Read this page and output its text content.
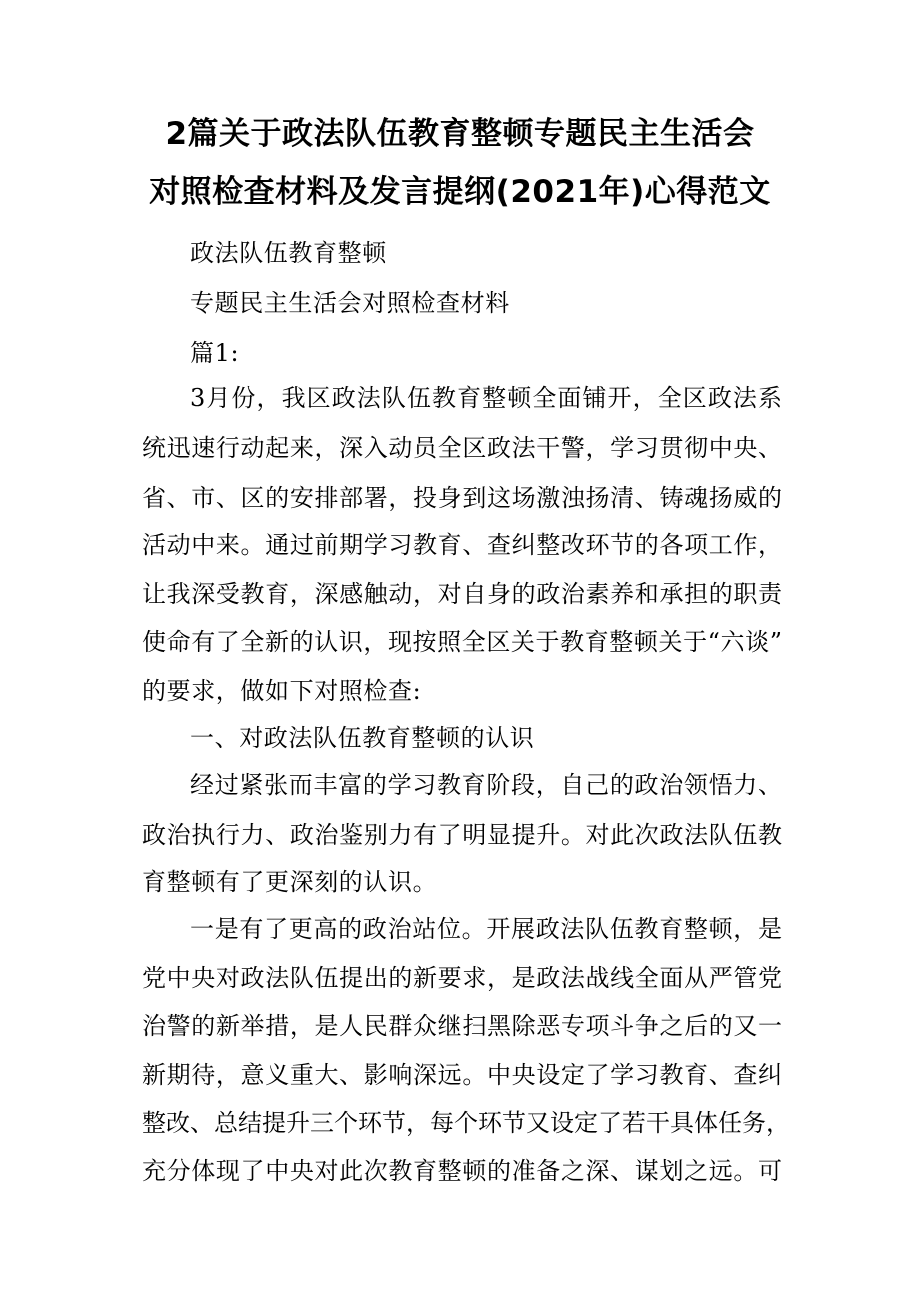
2篇关于政法队伍教育整顿专题民主生活会
对照检查材料及发言提纲(2021年)心得范文
政法队伍教育整顿
专题民主生活会对照检查材料
篇1:
3月份，我区政法队伍教育整顿全面铺开，全区政法系
统迅速行动起来，深入动员全区政法干警，学习贯彻中央、
省、市、区的安排部署，投身到这场激浊扬清、铸魂扬威的
活动中来。通过前期学习教育、查纠整改环节的各项工作，
让我深受教育，深感触动，对自身的政治素养和承担的职责
使命有了全新的认识，现按照全区关于教育整顿关于“六谈”
的要求，做如下对照检查:
一、对政法队伍教育整顿的认识
经过紧张而丰富的学习教育阶段，自己的政治领悟力、
政治执行力、政治鉴别力有了明显提升。对此次政法队伍教
育整顿有了更深刻的认识。
一是有了更高的政治站位。开展政法队伍教育整顿，是
党中央对政法队伍提出的新要求，是政法战线全面从严管党
治警的新举措，是人民群众继扫黑除恶专项斗争之后的又一
新期待，意义重大、影响深远。中央设定了学习教育、查纠
整改、总结提升三个环节，每个环节又设定了若干具体任务，
充分体现了中央对此次教育整顿的准备之深、谋划之远。可
